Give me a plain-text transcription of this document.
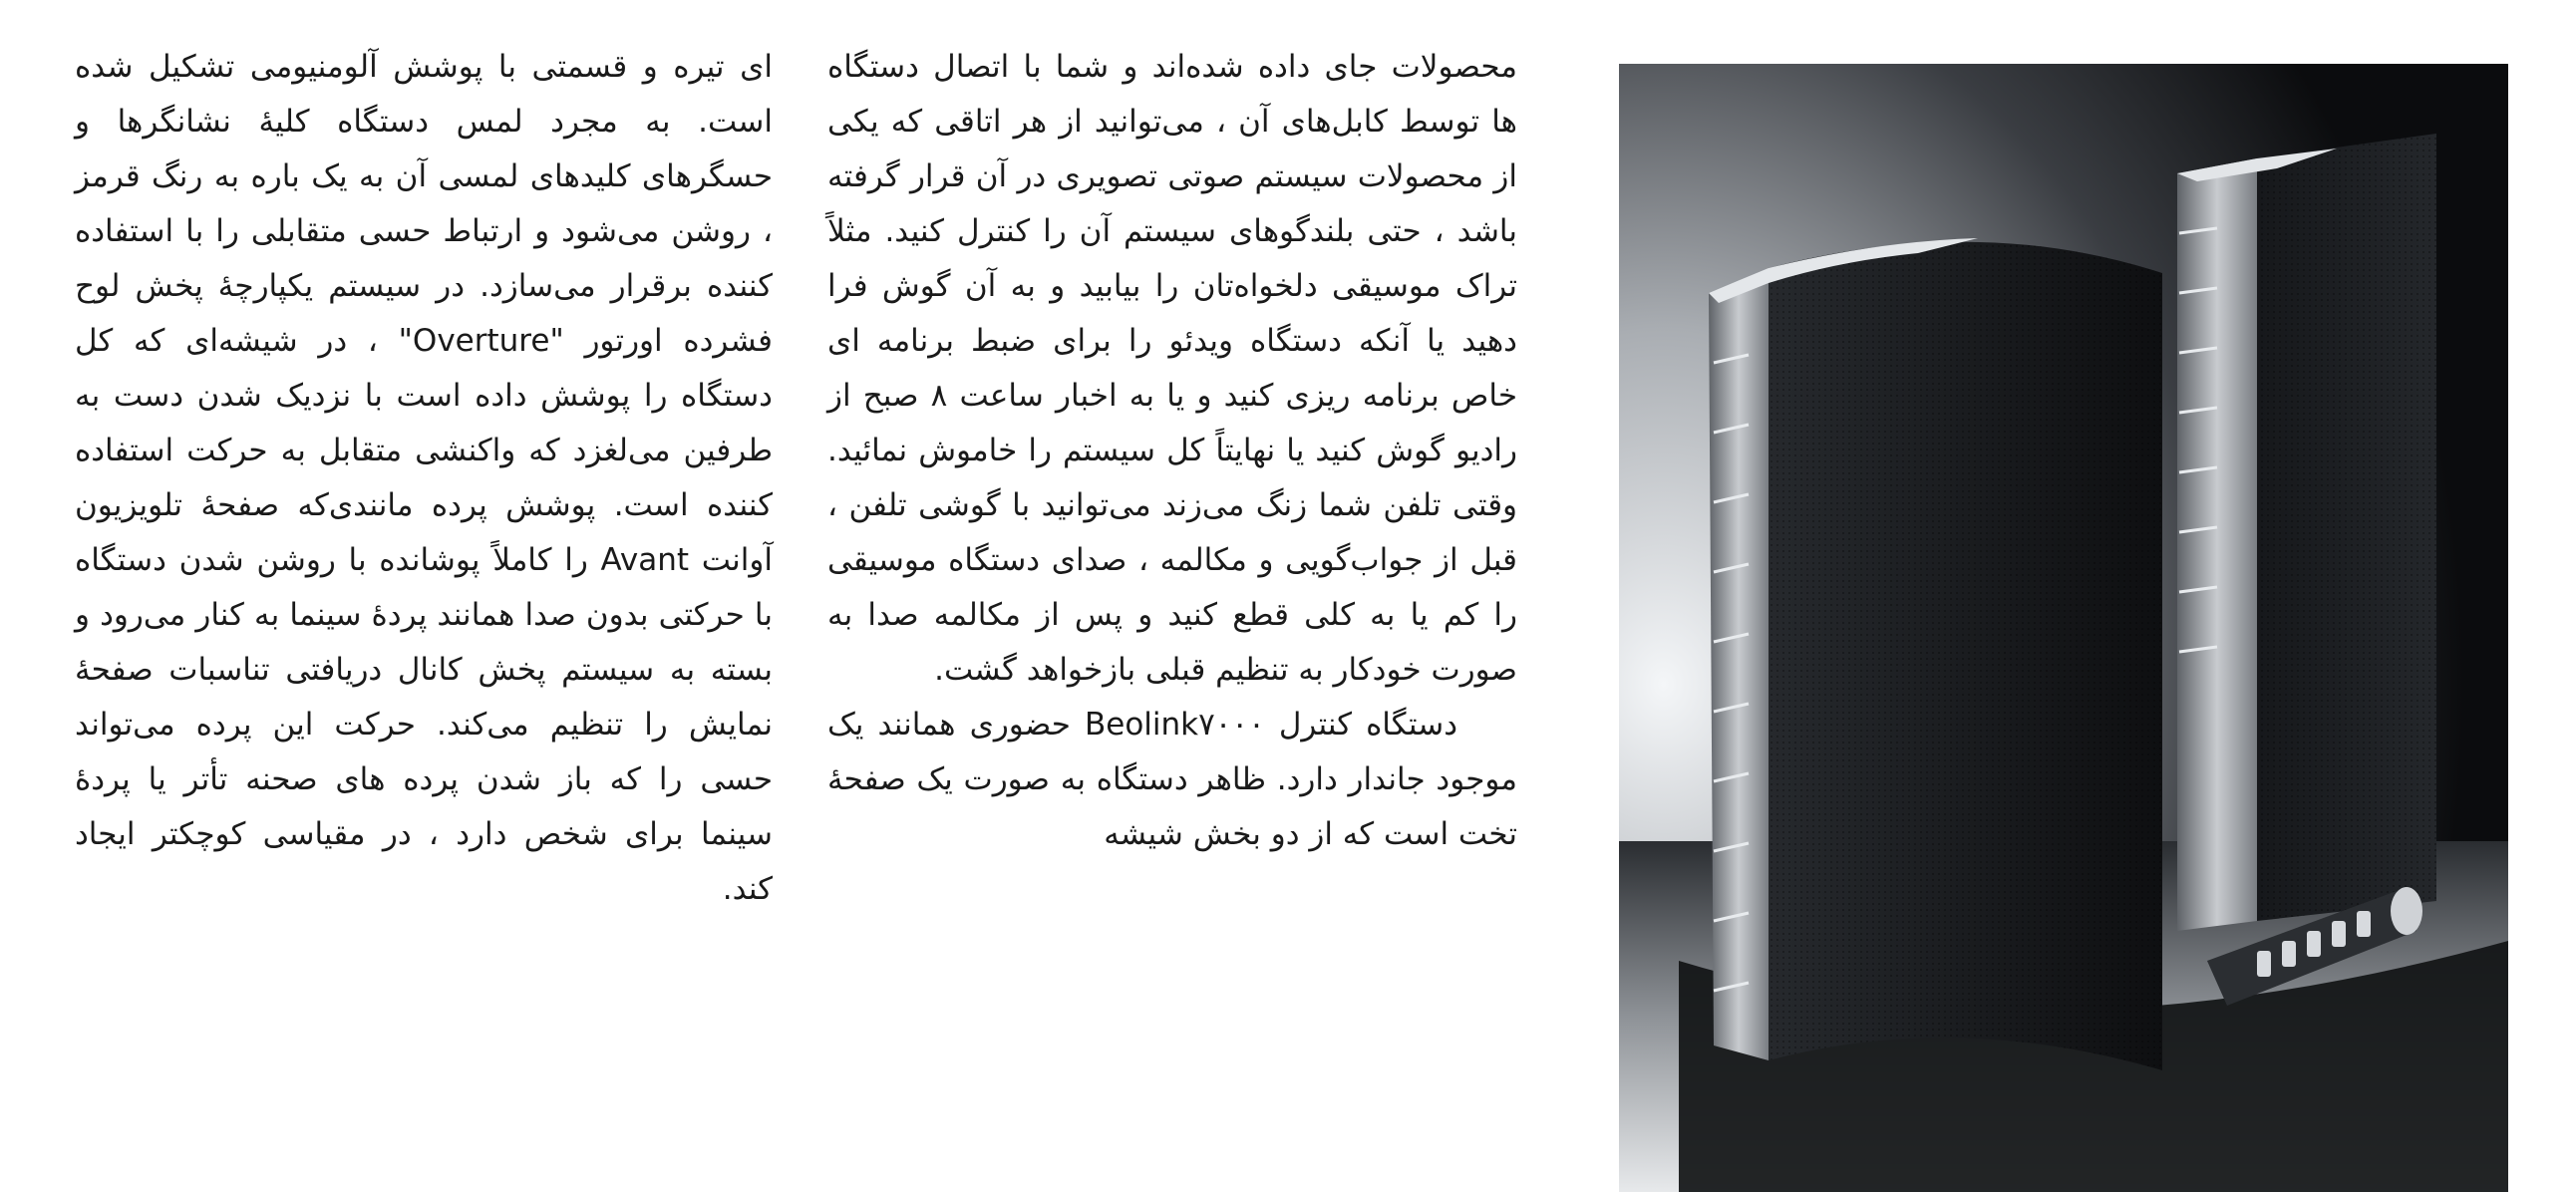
ای تیره و قسمتی با پوشش آلومنیومی تشکیل شده است. به مجرد لمس دستگاه کلیهٔ نشانگرها و حسگرهای کلیدهای لمسی آن به یک باره به رنگ قرمز ، روشن می‌شود و ارتباط حسی متقابلی را با استفاده کننده برقرار می‌سازد. در سیستم یکپارچهٔ پخش لوح فشرده اورتور "Overture" ، در شیشه‌ای که کل دستگاه را پوشش داده است با نزدیک شدن دست به طرفین می‌لغزد که واکنشی متقابل به حرکت استفاده کننده است. پوشش پرده مانندی‌که صفحهٔ تلویزیون آوانت Avant را کاملاً پوشانده با روشن شدن دستگاه با حرکتی بدون صدا همانند پردهٔ سینما به کنار می‌رود و بسته به سیستم پخش کانال دریافتی تناسبات صفحهٔ نمایش را تنظیم می‌کند. حرکت این پرده می‌تواند حسی را که باز شدن پرده های صحنه تأتر یا پردهٔ سینما برای شخص دارد ، در مقیاسی کوچکتر ایجاد کند.

محصولات جای داده شده‌اند و شما با اتصال دستگاه ها توسط کابل‌های آن ، می‌توانید از هر اتاقی که یکی از محصولات سیستم صوتی تصویری در آن قرار گرفته باشد ، حتی بلندگوهای سیستم آن را کنترل کنید. مثلاً تراک موسیقی دلخواه‌تان را بیابید و به آن گوش فرا دهید یا آنکه دستگاه ویدئو را برای ضبط برنامه ای خاص برنامه ریزی کنید و یا به اخبار ساعت ۸ صبح از رادیو گوش کنید یا نهایتاً کل سیستم را خاموش نمائید. وقتی تلفن شما زنگ می‌زند می‌توانید با گوشی تلفن ، قبل از جواب‌گویی و مکالمه ، صدای دستگاه موسیقی را کم یا به کلی قطع کنید و پس از مکالمه صدا به صورت خودکار به تنظیم قبلی بازخواهد گشت.

دستگاه کنترل Beolink۷۰۰۰ حضوری همانند یک موجود جاندار دارد. ظاهر دستگاه به صورت یک صفحهٔ تخت است که از دو بخش شیشه
